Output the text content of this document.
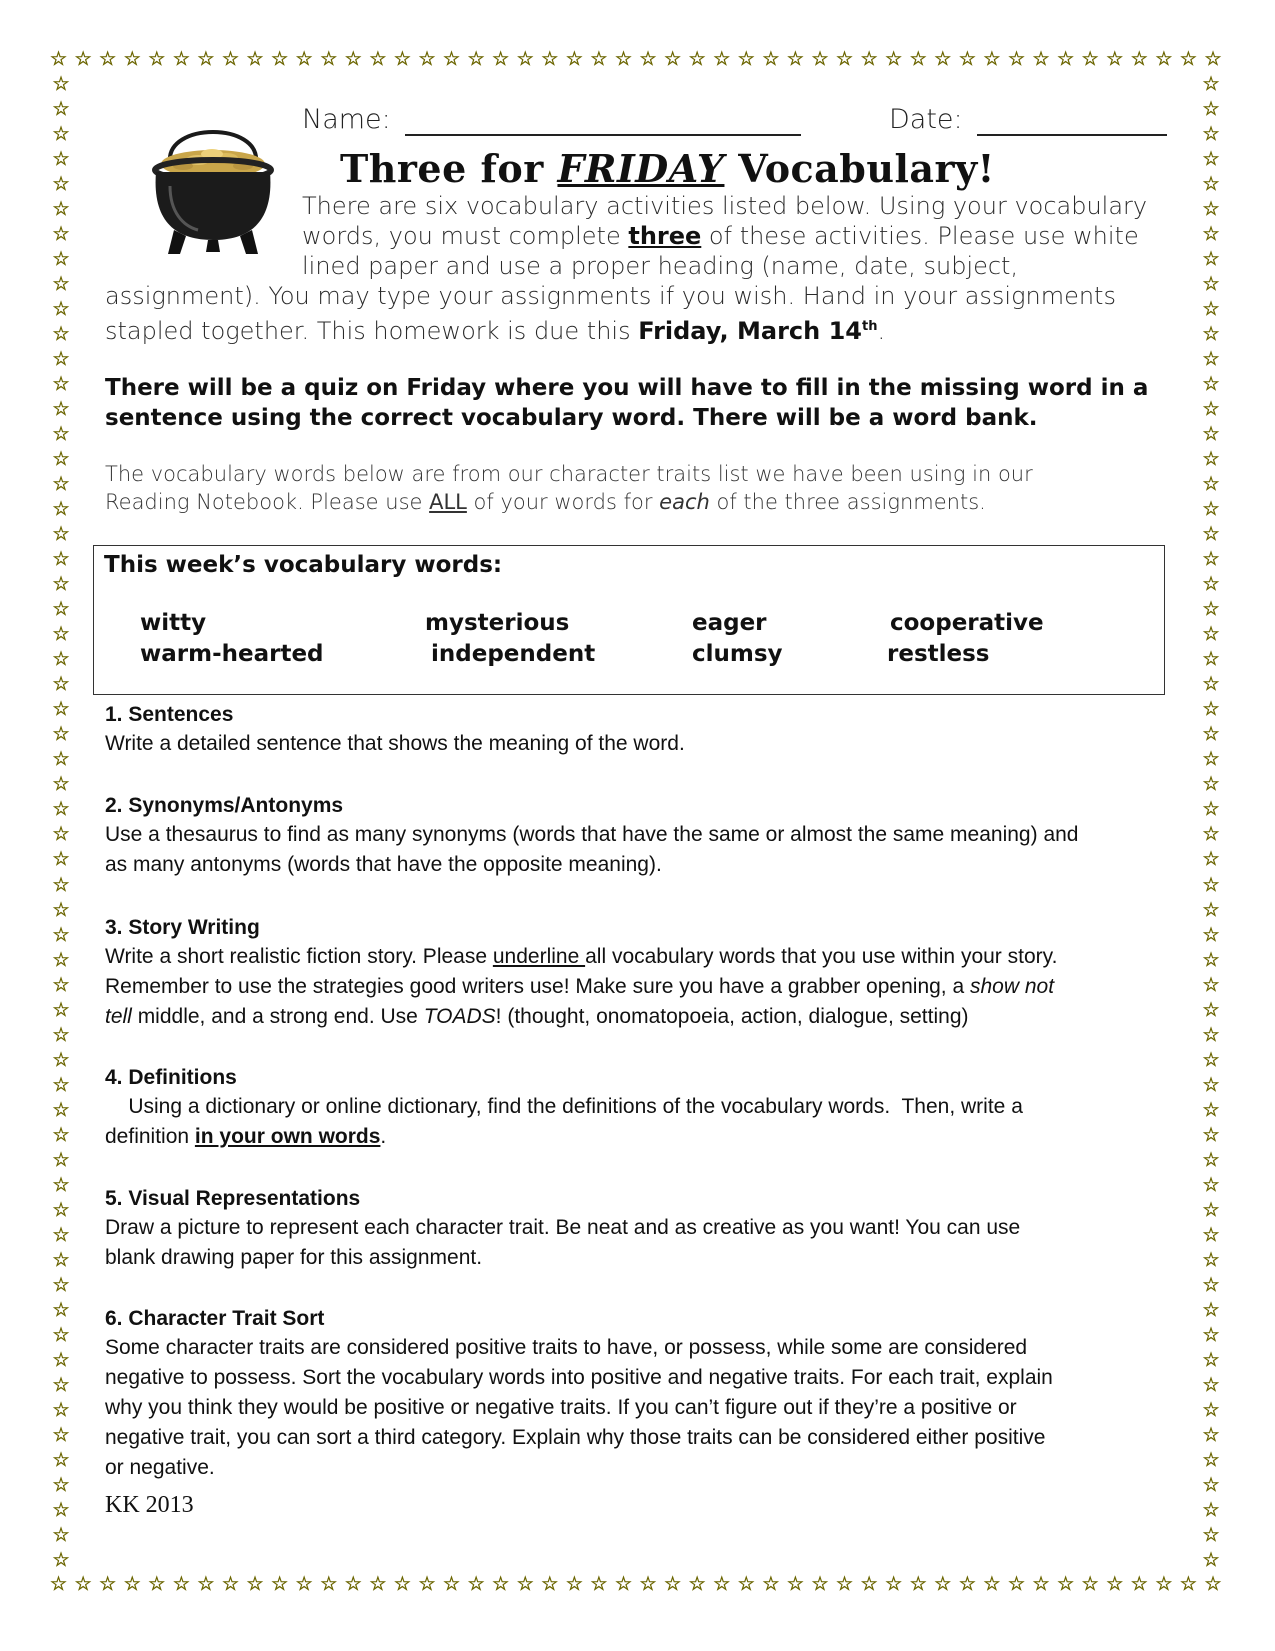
☆ ☆ ☆ ☆ ☆ ☆ ☆ ☆ ☆ ☆ ☆ ☆ ☆ ☆ ☆ ☆ ☆ ☆ ☆ ☆ ☆ ☆ ☆ ☆ ☆ ☆ ☆ ☆ ☆ ☆ ☆ ☆ ☆ ☆ ☆ ☆ ☆ ☆ ☆ ☆ ☆ ☆ ☆ ☆ ☆ ☆ ☆ ☆
☆ ☆ ☆ ☆ ☆ ☆ ☆ ☆ ☆ ☆ ☆ ☆ ☆ ☆ ☆ ☆ ☆ ☆ ☆ ☆ ☆ ☆ ☆ ☆ ☆ ☆ ☆ ☆ ☆ ☆ ☆ ☆ ☆ ☆ ☆ ☆ ☆ ☆ ☆ ☆ ☆ ☆ ☆ ☆ ☆ ☆ ☆ ☆
☆
☆
☆
☆
☆
☆
☆
☆
☆
☆
☆
☆
☆
☆
☆
☆
☆
☆
☆
☆
☆
☆
☆
☆
☆
☆
☆
☆
☆
☆
☆
☆
☆
☆
☆
☆
☆
☆
☆
☆
☆
☆
☆
☆
☆
☆
☆
☆
☆
☆
☆
☆
☆
☆
☆
☆
☆
☆
☆
☆
☆
☆
☆
☆
☆
☆
☆
☆
☆
☆
☆
☆
☆
☆
☆
☆
☆
☆
☆
☆
☆
☆
☆
☆
☆
☆
☆
☆
☆
☆
☆
☆
☆
☆
☆
☆
☆
☆
☆
☆
☆
☆
☆
☆
☆
☆
☆
☆
☆
☆
☆
☆
☆
☆
☆
☆
☆
☆
☆
☆
Name:	Date:
Three for FRIDAY Vocabulary!
There are six vocabulary activities listed below. Using your vocabulary
words, you must complete three of these activities. Please use white
lined paper and use a proper heading (name, date, subject,
assignment). You may type your assignments if you wish. Hand in your assignments
stapled together. This homework is due this Friday, March 14th.
There will be a quiz on Friday where you will have to fill in the missing word in a
sentence using the correct vocabulary word. There will be a word bank.
The vocabulary words below are from our character traits list we have been using in our
Reading Notebook. Please use ALL of your words for each of the three assignments.
This week’s vocabulary words:
witty	mysterious	eager	cooperative
warm-hearted	independent	clumsy	restless
1. Sentences
Write a detailed sentence that shows the meaning of the word.
2. Synonyms/Antonyms
Use a thesaurus to find as many synonyms (words that have the same or almost the same meaning) and
as many antonyms (words that have the opposite meaning).
3. Story Writing
Write a short realistic fiction story. Please underline all vocabulary words that you use within your story.
Remember to use the strategies good writers use! Make sure you have a grabber opening, a show not
tell middle, and a strong end. Use TOADS! (thought, onomatopoeia, action, dialogue, setting)
4. Definitions
Using a dictionary or online dictionary, find the definitions of the vocabulary words.  Then, write a
definition in your own words.
5. Visual Representations
Draw a picture to represent each character trait. Be neat and as creative as you want! You can use
blank drawing paper for this assignment.
6. Character Trait Sort
Some character traits are considered positive traits to have, or possess, while some are considered
negative to possess. Sort the vocabulary words into positive and negative traits. For each trait, explain
why you think they would be positive or negative traits. If you can’t figure out if they’re a positive or
negative trait, you can sort a third category. Explain why those traits can be considered either positive
or negative.
KK 2013
